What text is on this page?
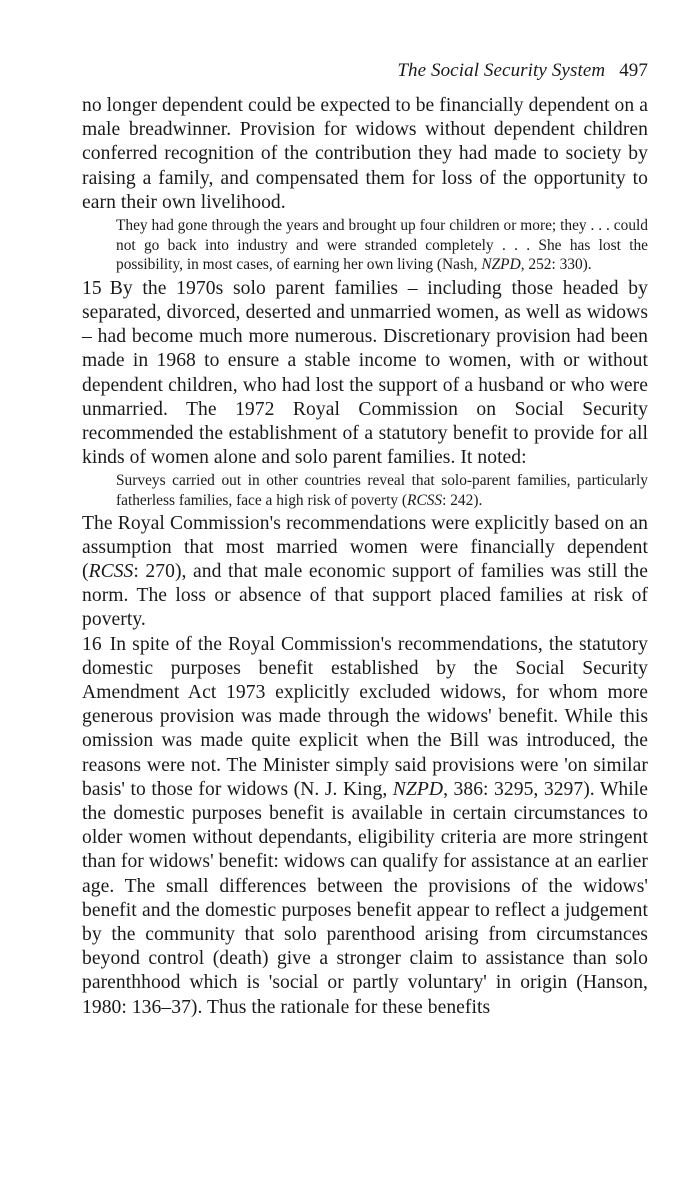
The Social Security System 497

no longer dependent could be expected to be financially dependent on a male breadwinner. Provision for widows without dependent children conferred recognition of the contribution they had made to society by raising a family, and compensated them for loss of the opportunity to earn their own livelihood.

They had gone through the years and brought up four children or more; they . . . could not go back into industry and were stranded completely . . . She has lost the possibility, in most cases, of earning her own living (Nash, NZPD, 252: 330).

15 By the 1970s solo parent families – including those headed by separated, divorced, deserted and unmarried women, as well as widows – had become much more numerous. Discretionary provision had been made in 1968 to ensure a stable income to women, with or without dependent children, who had lost the support of a husband or who were unmarried. The 1972 Royal Commission on Social Security recommended the establishment of a statutory benefit to provide for all kinds of women alone and solo parent families. It noted:

Surveys carried out in other countries reveal that solo-parent families, particularly fatherless families, face a high risk of poverty (RCSS: 242).

The Royal Commission's recommendations were explicitly based on an assumption that most married women were financially dependent (RCSS: 270), and that male economic support of families was still the norm. The loss or absence of that support placed families at risk of poverty.

16 In spite of the Royal Commission's recommendations, the statutory domestic purposes benefit established by the Social Security Amendment Act 1973 explicitly excluded widows, for whom more generous provision was made through the widows' benefit. While this omission was made quite explicit when the Bill was introduced, the reasons were not. The Minister simply said provisions were 'on similar basis' to those for widows (N. J. King, NZPD, 386: 3295, 3297). While the domestic purposes benefit is available in certain circumstances to older women without dependants, eligibility criteria are more stringent than for widows' benefit: widows can qualify for assistance at an earlier age. The small differences between the provisions of the widows' benefit and the domestic purposes benefit appear to reflect a judgement by the community that solo parenthood arising from circumstances beyond control (death) give a stronger claim to assistance than solo parenthhood which is 'social or partly voluntary' in origin (Hanson, 1980: 136–37). Thus the rationale for these benefits
